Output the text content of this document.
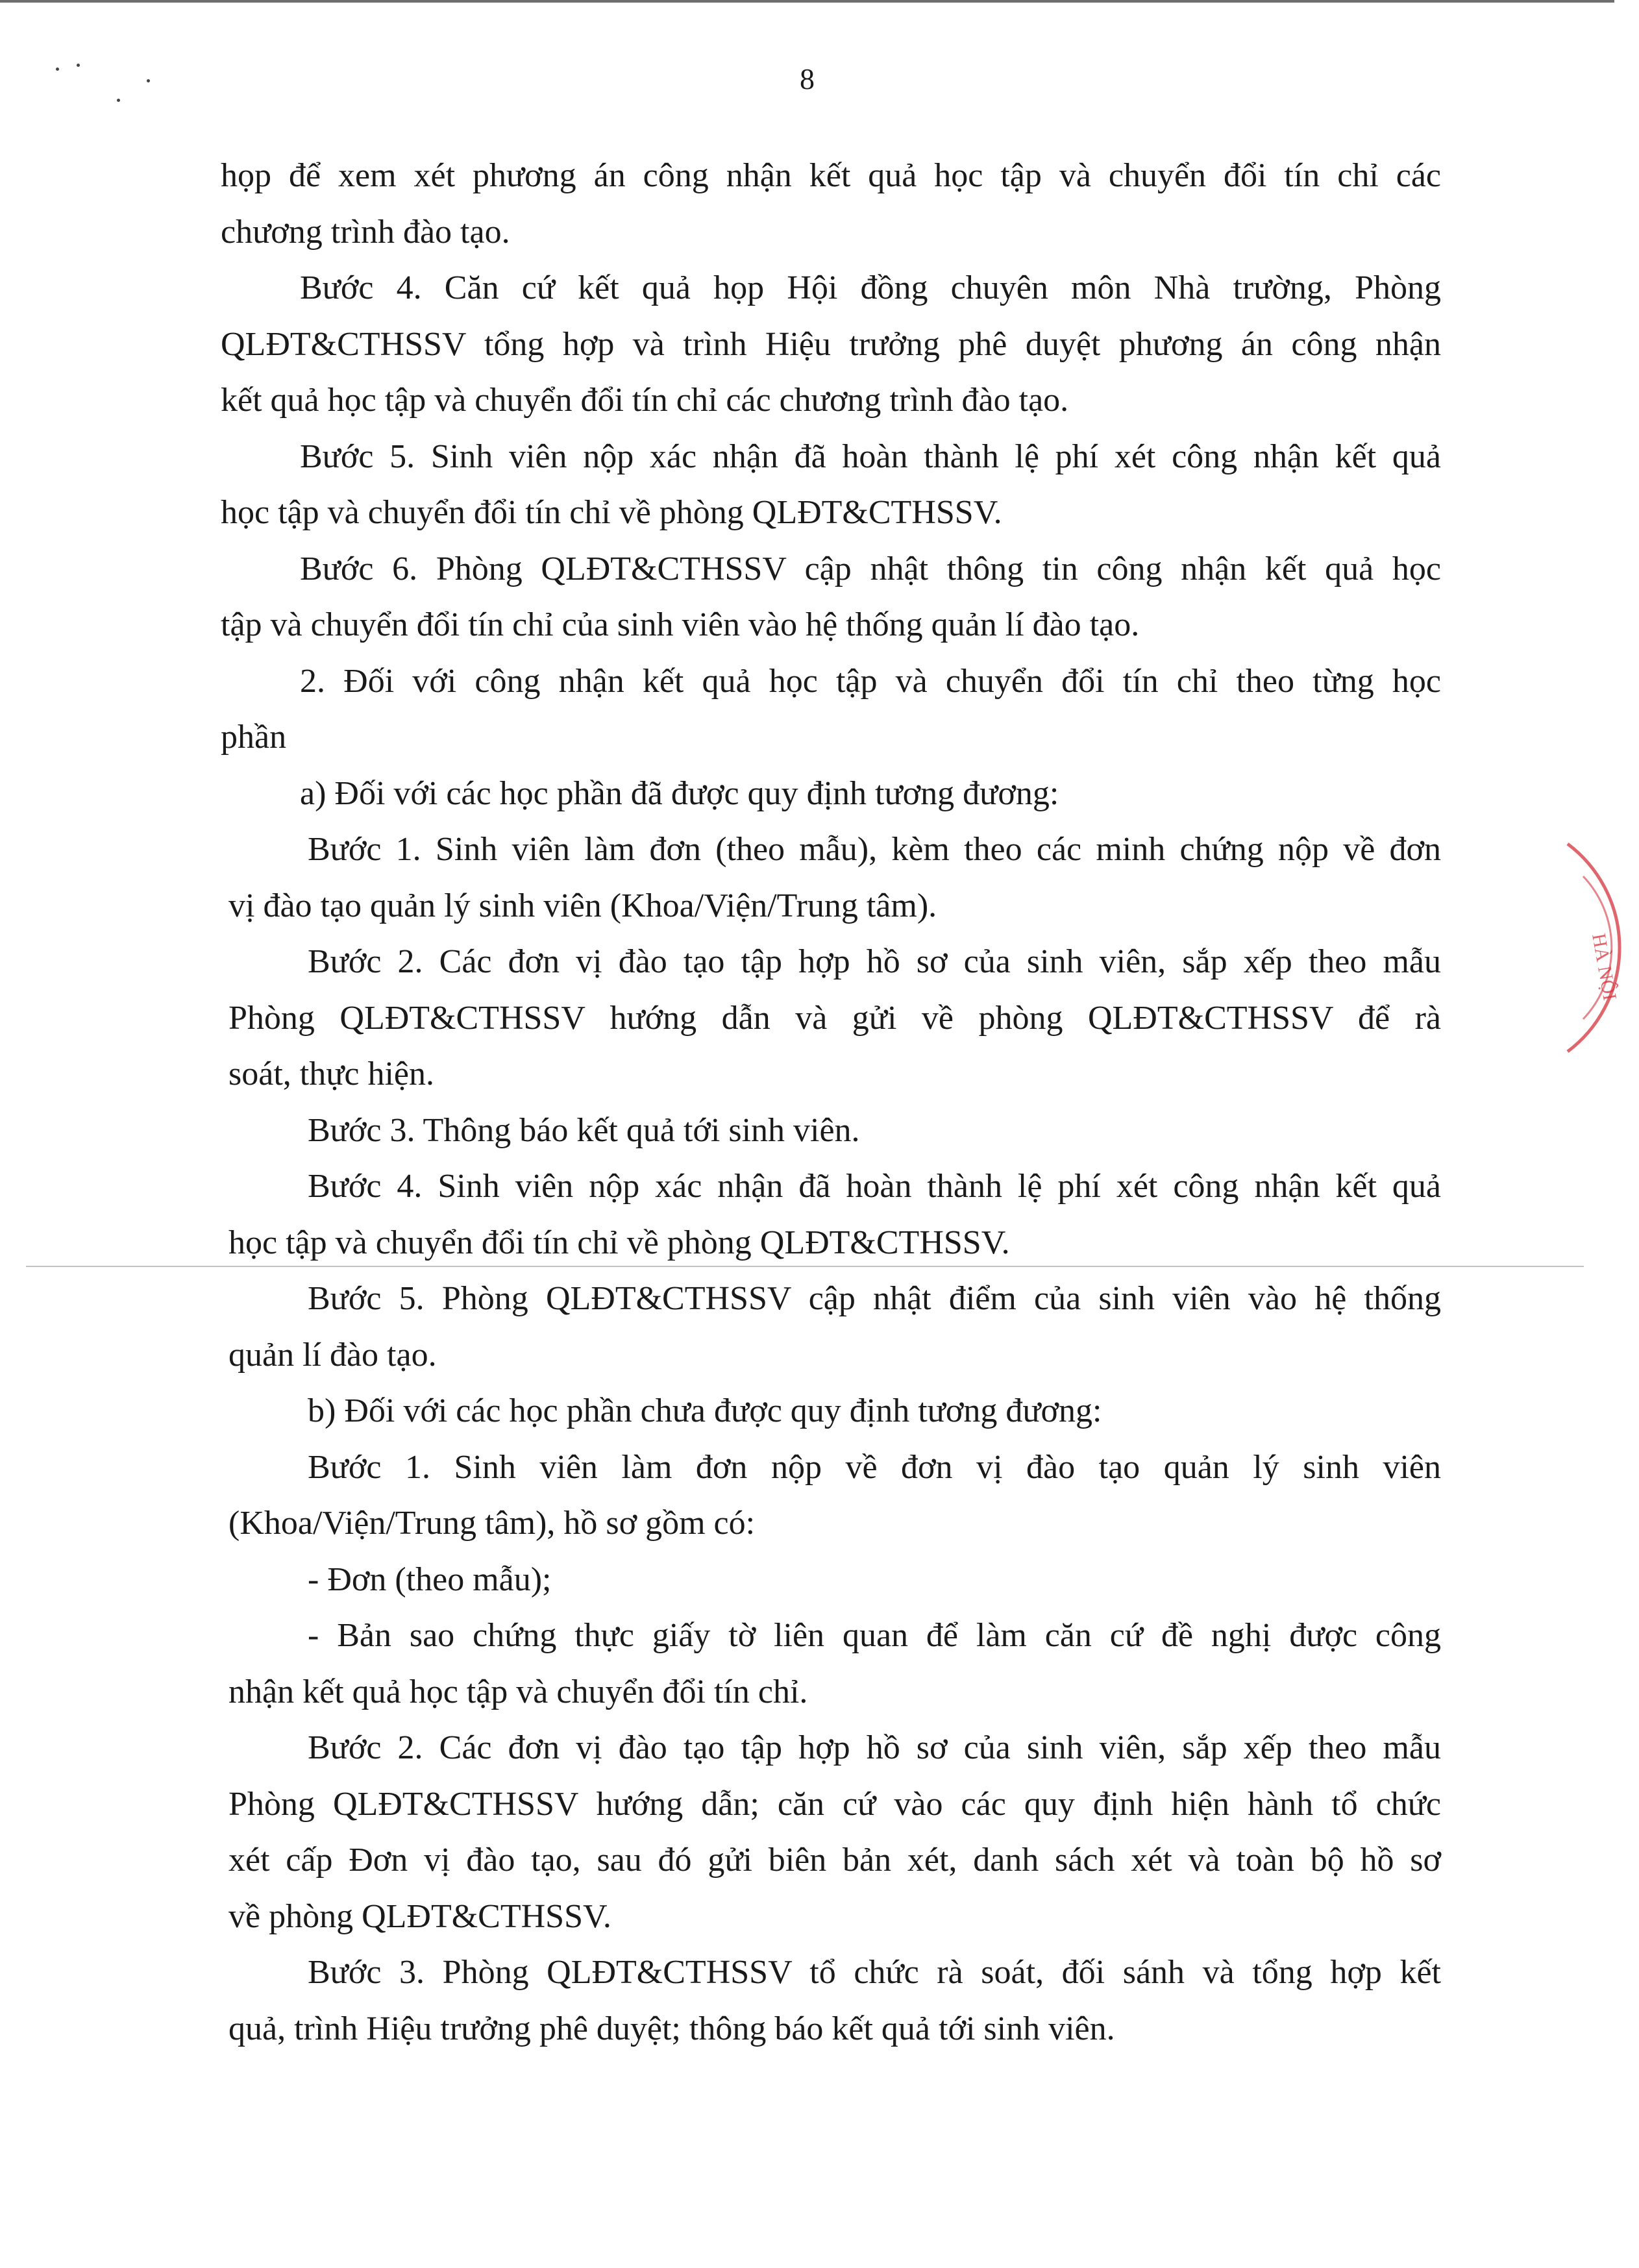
8
họp để xem xét phương án công nhận kết quả học tập và chuyển đổi tín chỉ các
chương trình đào tạo.
Bước 4. Căn cứ kết quả họp Hội đồng chuyên môn Nhà trường, Phòng
QLĐT&CTHSSV tổng hợp và trình Hiệu trưởng phê duyệt phương án công nhận
kết quả học tập và chuyển đổi tín chỉ các chương trình đào tạo.
Bước 5. Sinh viên nộp xác nhận đã hoàn thành lệ phí xét công nhận kết quả
học tập và chuyển đổi tín chỉ về phòng QLĐT&CTHSSV.
Bước 6. Phòng QLĐT&CTHSSV cập nhật thông tin công nhận kết quả học
tập và chuyển đổi tín chỉ của sinh viên vào hệ thống quản lí đào tạo.
2. Đối với công nhận kết quả học tập và chuyển đổi tín chỉ theo từng học
phần
a) Đối với các học phần đã được quy định tương đương:
Bước 1. Sinh viên làm đơn (theo mẫu), kèm theo các minh chứng nộp về đơn
vị đào tạo quản lý sinh viên (Khoa/Viện/Trung tâm).
Bước 2. Các đơn vị đào tạo tập hợp hồ sơ của sinh viên, sắp xếp theo mẫu
Phòng QLĐT&CTHSSV hướng dẫn và gửi về phòng QLĐT&CTHSSV để rà
soát, thực hiện.
Bước 3. Thông báo kết quả tới sinh viên.
Bước 4. Sinh viên nộp xác nhận đã hoàn thành lệ phí xét công nhận kết quả
học tập và chuyển đổi tín chỉ về phòng QLĐT&CTHSSV.
Bước 5. Phòng QLĐT&CTHSSV cập nhật điểm của sinh viên vào hệ thống
quản lí đào tạo.
b) Đối với các học phần chưa được quy định tương đương:
Bước 1. Sinh viên làm đơn nộp về đơn vị đào tạo quản lý sinh viên
(Khoa/Viện/Trung tâm), hồ sơ gồm có:
- Đơn (theo mẫu);
- Bản sao chứng thực giấy tờ liên quan để làm căn cứ đề nghị được công
nhận kết quả học tập và chuyển đổi tín chỉ.
Bước 2. Các đơn vị đào tạo tập hợp hồ sơ của sinh viên, sắp xếp theo mẫu
Phòng QLĐT&CTHSSV hướng dẫn; căn cứ vào các quy định hiện hành tổ chức
xét cấp Đơn vị đào tạo, sau đó gửi biên bản xét, danh sách xét và toàn bộ hồ sơ
về phòng QLĐT&CTHSSV.
Bước 3. Phòng QLĐT&CTHSSV tổ chức rà soát, đối sánh và tổng hợp kết
quả, trình Hiệu trưởng phê duyệt; thông báo kết quả tới sinh viên.
HÀ NỘI
